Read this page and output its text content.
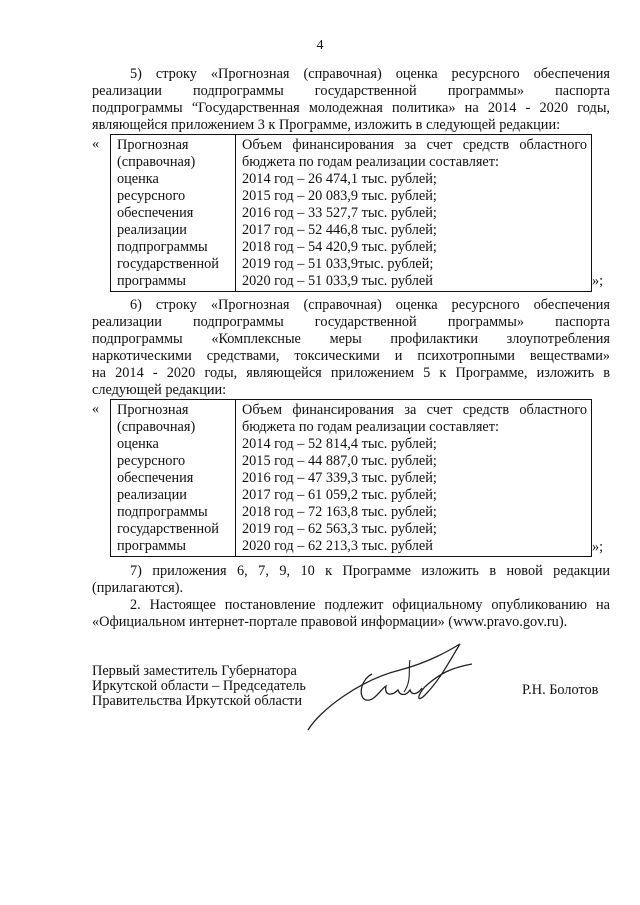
4
5) строку «Прогнозная (справочная) оценка ресурсного обеспечения
реализации подпрограммы государственной программы» паспорта
подпрограммы “Государственная молодежная политика» на 2014 - 2020 годы,
являющейся приложением 3 к Программе, изложить в следующей редакции:
« Прогнозная
(справочная)
оценка
ресурсного
обеспечения
реализации
подпрограммы
государственной
программы

Объем финансирования за счет средств областного
бюджета по годам реализации составляет:
2014 год – 26 474,1 тыс. рублей;
2015 год – 20 083,9 тыс. рублей;
2016 год – 33 527,7 тыс. рублей;
2017 год – 52 446,8 тыс. рублей;
2018 год – 54 420,9 тыс. рублей;
2019 год – 51 033,9тыс. рублей;
2020 год – 51 033,9 тыс. рублей	»;
6) строку «Прогнозная (справочная) оценка ресурсного обеспечения
реализации подпрограммы государственной программы» паспорта
подпрограммы «Комплексные меры профилактики злоупотребления
наркотическими средствами, токсическими и психотропными веществами»
на 2014 - 2020 годы, являющейся приложением 5 к Программе, изложить в
следующей редакции:
« Прогнозная
(справочная)
оценка
ресурсного
обеспечения
реализации
подпрограммы
государственной
программы

Объем финансирования за счет средств областного
бюджета по годам реализации составляет:
2014 год – 52 814,4 тыс. рублей;
2015 год – 44 887,0 тыс. рублей;
2016 год – 47 339,3 тыс. рублей;
2017 год – 61 059,2 тыс. рублей;
2018 год – 72 163,8 тыс. рублей;
2019 год – 62 563,3 тыс. рублей;
2020 год – 62 213,3 тыс. рублей	»;
7) приложения 6, 7, 9, 10 к Программе изложить в новой редакции
(прилагаются).
2. Настоящее постановление подлежит официальному опубликованию на
«Официальном интернет-портале правовой информации» (www.pravo.gov.ru).
Первый заместитель Губернатора
Иркутской области – Председатель
Правительства Иркутской области
Р.Н. Болотов
